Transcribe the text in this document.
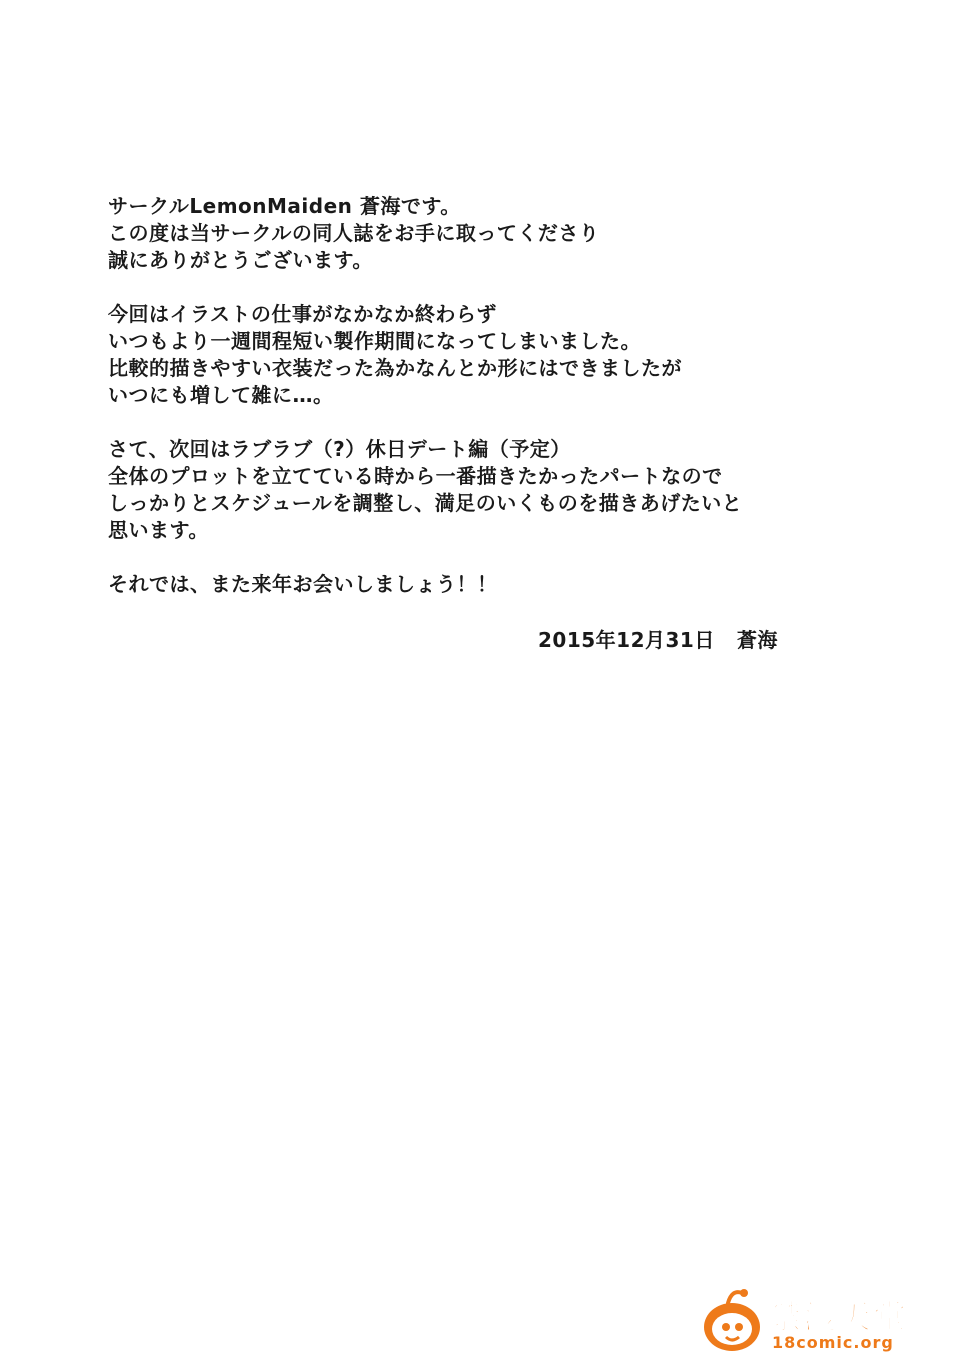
サークルLemonMaiden 蒼海です。
この度は当サークルの同人誌をお手に取ってくださり
誠にありがとうございます。
今回はイラストの仕事がなかなか終わらず
いつもより一週間程短い製作期間になってしまいました。
比較的描きやすい衣装だった為かなんとか形にはできましたが
いつにも増して雑に…。
さて、次回はラブラブ（?）休日デート編（予定）
全体のプロットを立てている時から一番描きたかったパートなので
しっかりとスケジュールを調整し、満足のいくものを描きあげたいと
思います。
それでは、また来年お会いしましょう！！
2015年12月31日 蒼海
禁漫天堂
18comic.org
